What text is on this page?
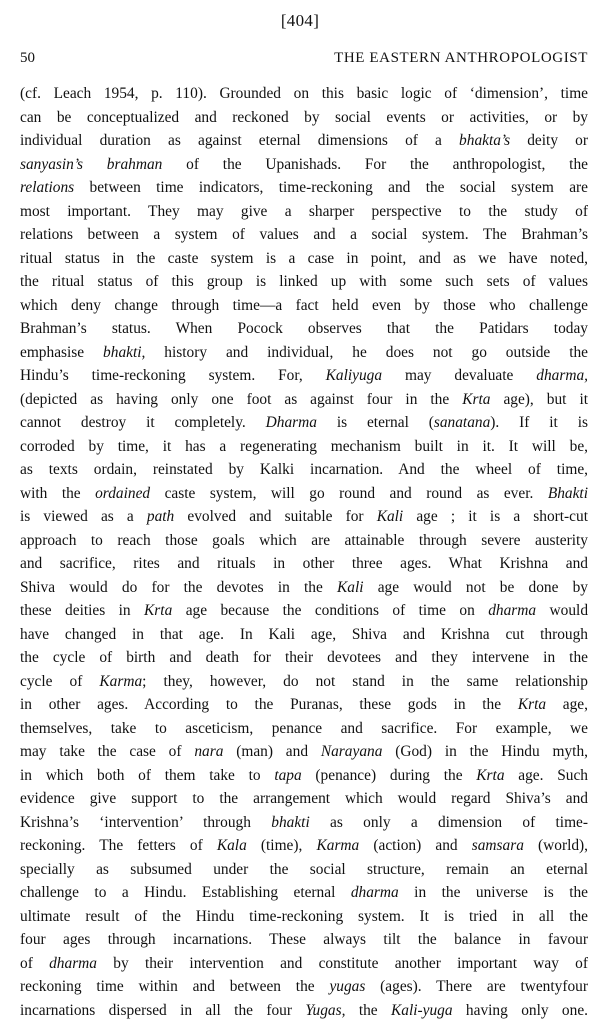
[404]
50	THE EASTERN ANTHROPOLOGIST
(cf. Leach 1954, p. 110). Grounded on this basic logic of ‘dimension’, time
can be conceptualized and reckoned by social events or activities, or by
individual duration as against eternal dimensions of a bhakta’s deity or
sanyasin’s brahman of the Upanishads. For the anthropologist, the
relations between time indicators, time-reckoning and the social system are
most important. They may give a sharper perspective to the study of
relations between a system of values and a social system. The Brahman’s
ritual status in the caste system is a case in point, and as we have noted,
the ritual status of this group is linked up with some such sets of values
which deny change through time—a fact held even by those who challenge
Brahman’s status. When Pocock observes that the Patidars today
emphasise bhakti, history and individual, he does not go outside the
Hindu’s time-reckoning system. For, Kaliyuga may devaluate dharma,
(depicted as having only one foot as against four in the Krta age), but it
cannot destroy it completely. Dharma is eternal (sanatana). If it is
corroded by time, it has a regenerating mechanism built in it. It will be,
as texts ordain, reinstated by Kalki incarnation. And the wheel of time,
with the ordained caste system, will go round and round as ever. Bhakti
is viewed as a path evolved and suitable for Kali age ; it is a short-cut
approach to reach those goals which are attainable through severe austerity
and sacrifice, rites and rituals in other three ages. What Krishna and
Shiva would do for the devotes in the Kali age would not be done by
these deities in Krta age because the conditions of time on dharma would
have changed in that age. In Kali age, Shiva and Krishna cut through
the cycle of birth and death for their devotees and they intervene in the
cycle of Karma; they, however, do not stand in the same relationship
in other ages. According to the Puranas, these gods in the Krta age,
themselves, take to asceticism, penance and sacrifice. For example, we
may take the case of nara (man) and Narayana (God) in the Hindu myth,
in which both of them take to tapa (penance) during the Krta age. Such
evidence give support to the arrangement which would regard Shiva’s and
Krishna’s ‘intervention’ through bhakti as only a dimension of time-
reckoning. The fetters of Kala (time), Karma (action) and samsara (world),
specially as subsumed under the social structure, remain an eternal
challenge to a Hindu. Establishing eternal dharma in the universe is the
ultimate result of the Hindu time-reckoning system. It is tried in all the
four ages through incarnations. These always tilt the balance in favour
of dharma by their intervention and constitute another important way of
reckoning time within and between the yugas (ages). There are twentyfour
incarnations dispersed in all the four Yugas, the Kali-yuga having only one.
